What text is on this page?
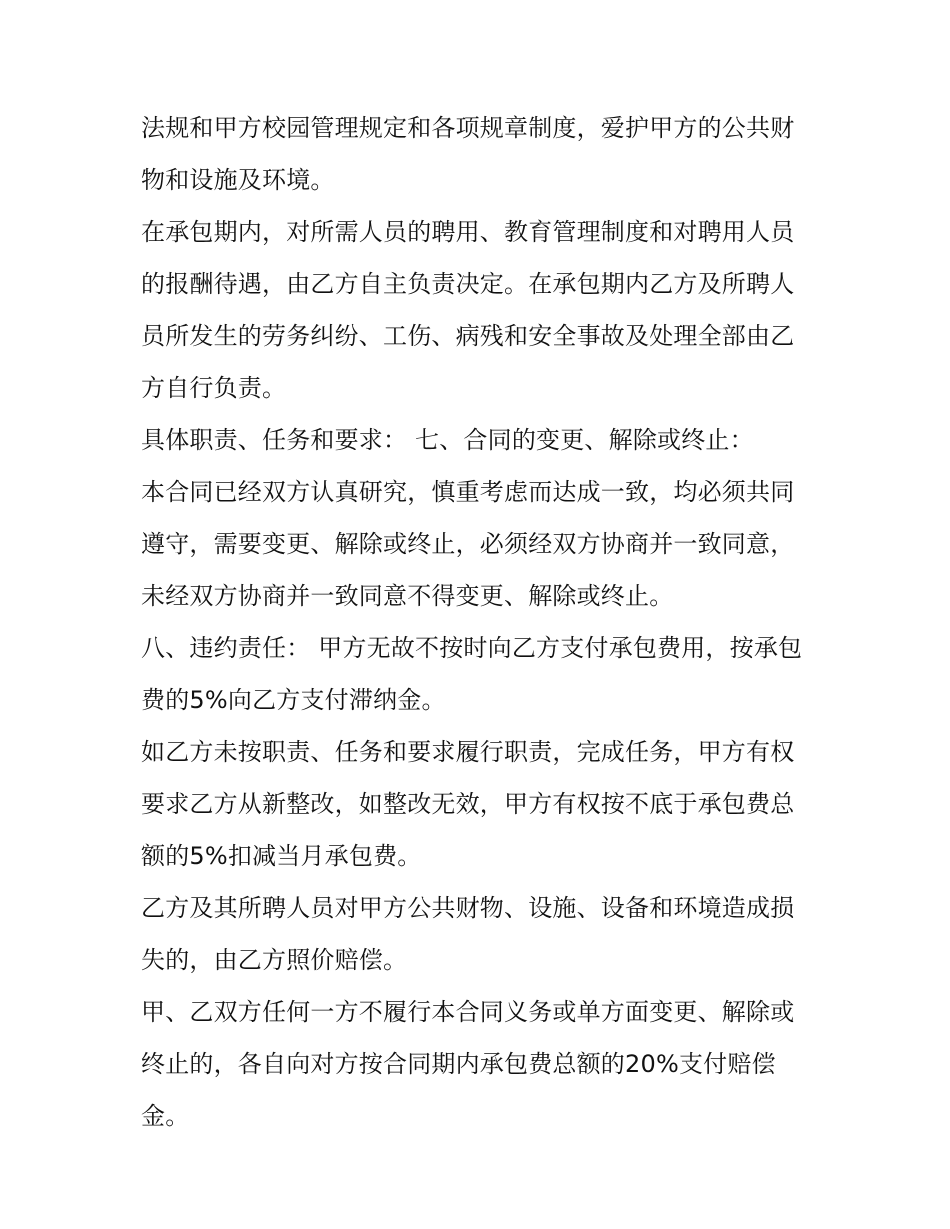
法规和甲方校园管理规定和各项规章制度，爱护甲方的公共财物和设施及环境。

在承包期内，对所需人员的聘用、教育管理制度和对聘用人员的报酬待遇，由乙方自主负责决定。在承包期内乙方及所聘人员所发生的劳务纠纷、工伤、病残和安全事故及处理全部由乙方自行负责。

具体职责、任务和要求： 七、合同的变更、解除或终止：

本合同已经双方认真研究，慎重考虑而达成一致，均必须共同遵守，需要变更、解除或终止，必须经双方协商并一致同意，未经双方协商并一致同意不得变更、解除或终止。

八、违约责任： 甲方无故不按时向乙方支付承包费用，按承包费的5%向乙方支付滞纳金。

如乙方未按职责、任务和要求履行职责，完成任务，甲方有权要求乙方从新整改，如整改无效，甲方有权按不底于承包费总额的5%扣减当月承包费。

乙方及其所聘人员对甲方公共财物、设施、设备和环境造成损失的，由乙方照价赔偿。

甲、乙双方任何一方不履行本合同义务或单方面变更、解除或终止的，各自向对方按合同期内承包费总额的20%支付赔偿金。
